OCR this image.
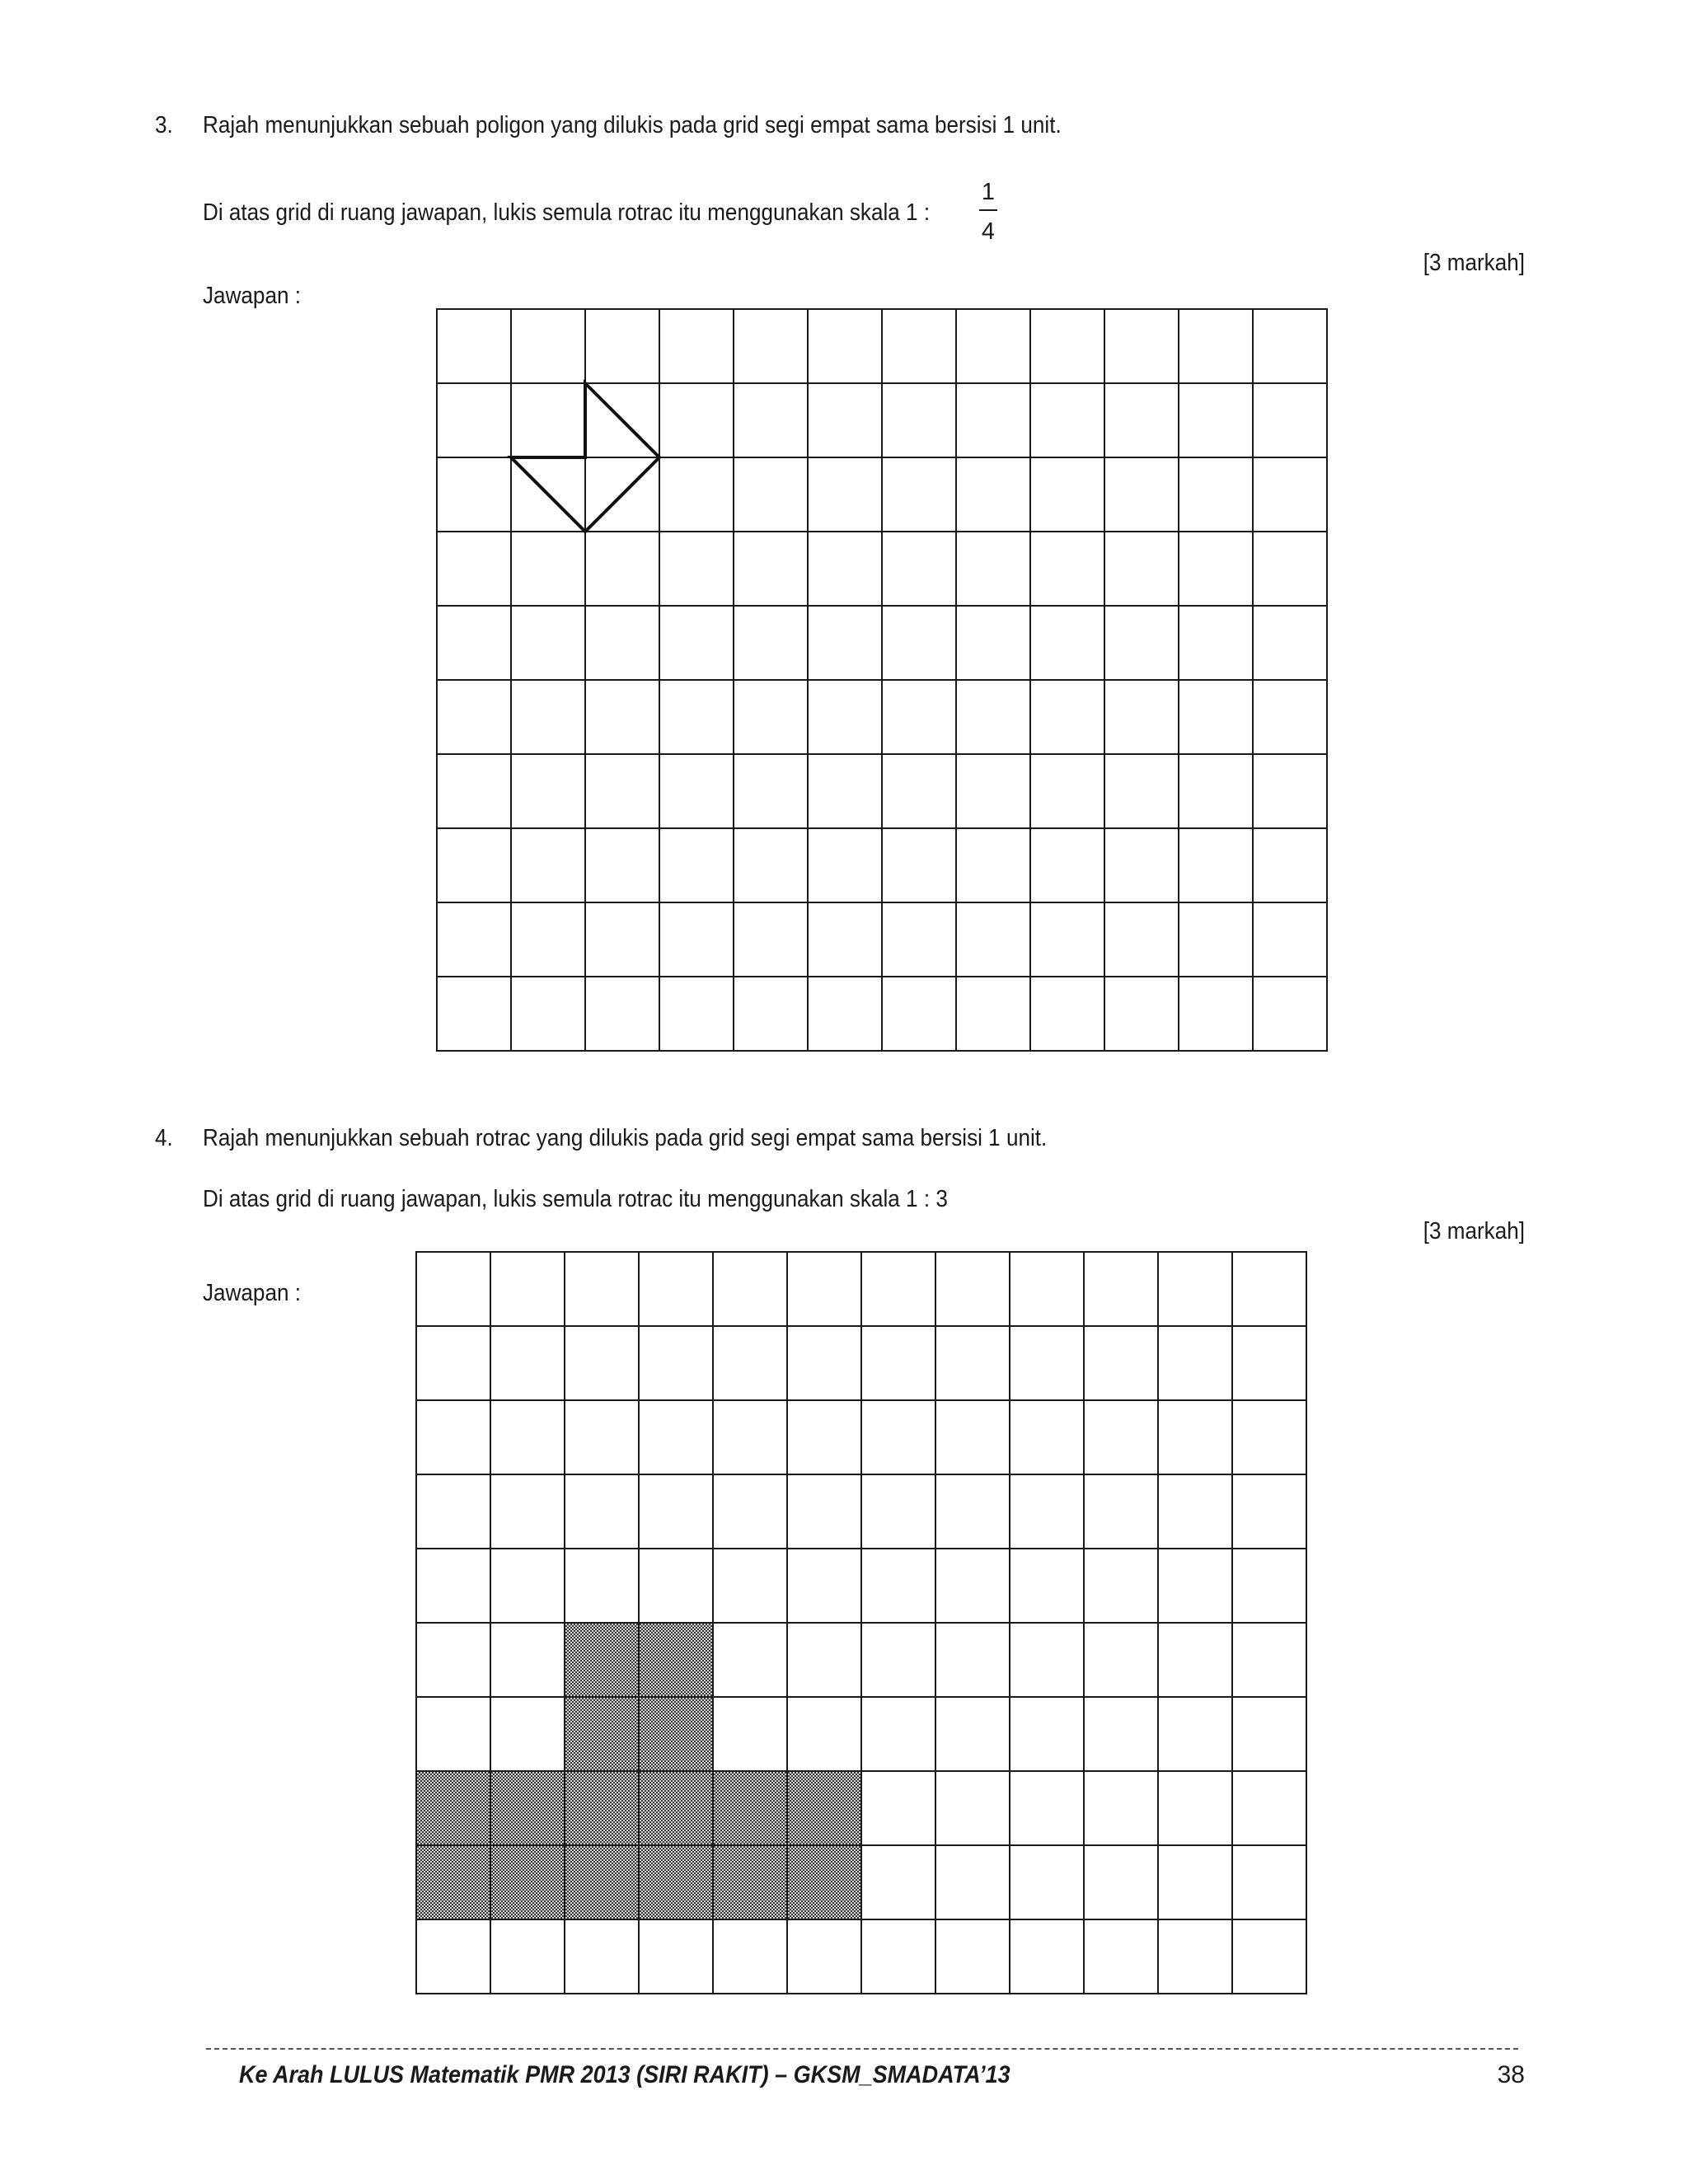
3. Rajah menunjukkan sebuah poligon yang dilukis pada grid segi empat sama bersisi 1 unit.
Di atas grid di ruang jawapan, lukis semula rotrac itu menggunakan skala 1 :
1
4
[3 markah]
Jawapan :
4. Rajah menunjukkan sebuah rotrac yang dilukis pada grid segi empat sama bersisi 1 unit.
Di atas grid di ruang jawapan, lukis semula rotrac itu menggunakan skala 1 : 3
[3 markah]
Jawapan :
Ke Arah LULUS Matematik PMR 2013 (SIRI RAKIT) – GKSM_SMADATA’13	38
